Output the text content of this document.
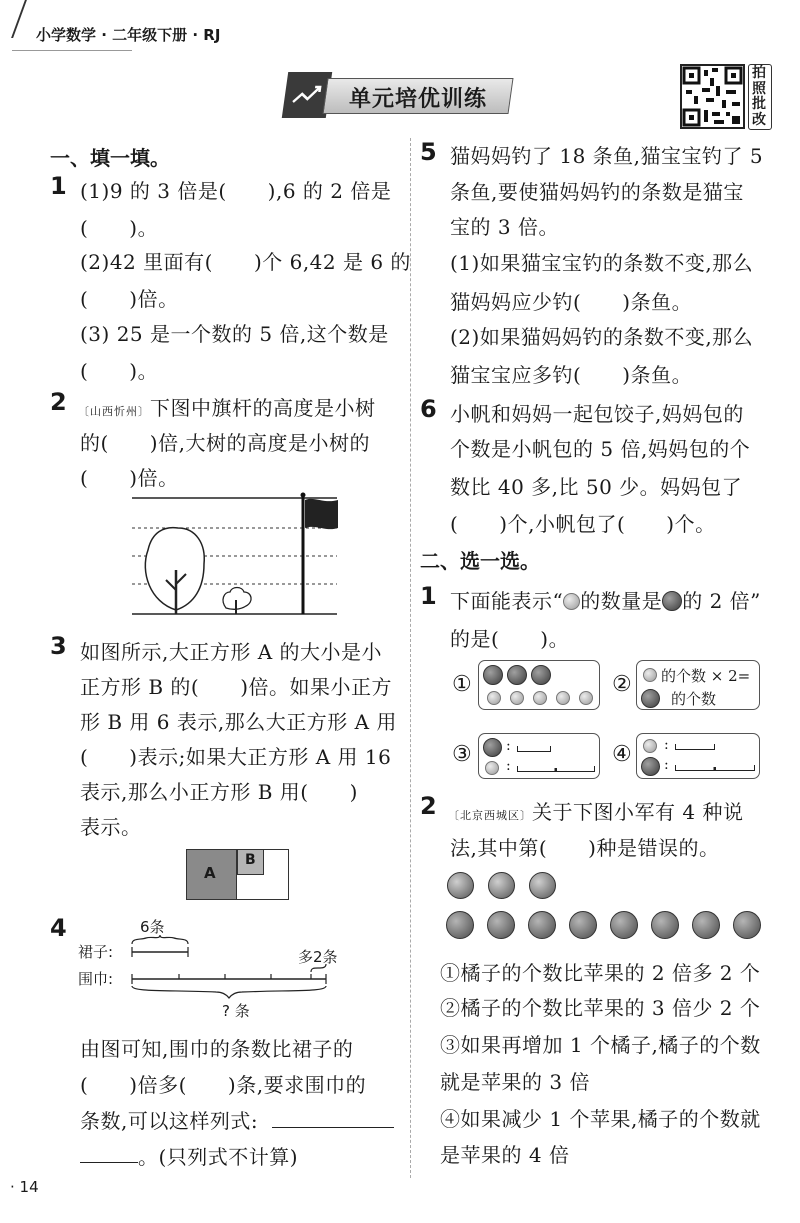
小学数学 · 二年级下册 · RJ
单元培优训练
拍照批改
一、填一填。
1 (1)9 的 3 倍是(　　),6 的 2 倍是
(　　)。
(2)42 里面有(　　)个 6,42 是 6 的
(　　)倍。
(3) 25 是一个数的 5 倍,这个数是
(　　)。
2 〔山西忻州〕下图中旗杆的高度是小树
的(　　)倍,大树的高度是小树的
(　　)倍。
3 如图所示,大正方形 A 的大小是小
正方形 B 的(　　)倍。如果小正方
形 B 用 6 表示,那么大正方形 A 用
(　　)表示;如果大正方形 A 用 16
表示,那么小正方形 B 用(　　)
表示。
A
B
4	6条
裙子:
围巾:
多2条
? 条
由图可知,围巾的条数比裙子的
(　　)倍多(　　)条,要求围巾的
条数,可以这样列式:
。(只列式不计算)
· 14
5 猫妈妈钓了 18 条鱼,猫宝宝钓了 5
条鱼,要使猫妈妈钓的条数是猫宝
宝的 3 倍。
(1)如果猫宝宝钓的条数不变,那么
猫妈妈应少钓(　　)条鱼。
(2)如果猫妈妈钓的条数不变,那么
猫宝宝应多钓(　　)条鱼。
6 小帆和妈妈一起包饺子,妈妈包的
个数是小帆包的 5 倍,妈妈包的个
数比 40 多,比 50 少。妈妈包了
(　　)个,小帆包了(　　)个。
二、选一选。
1 下面能表示“ 的数量是 的 2 倍”
的是(　　)。
①	② 的个数 × 2=
的个数
③ :
:	④ :
:
2 〔北京西城区〕关于下图小军有 4 种说
法,其中第(　　)种是错误的。
①橘子的个数比苹果的 2 倍多 2 个
②橘子的个数比苹果的 3 倍少 2 个
③如果再增加 1 个橘子,橘子的个数
就是苹果的 3 倍
④如果减少 1 个苹果,橘子的个数就
是苹果的 4 倍
